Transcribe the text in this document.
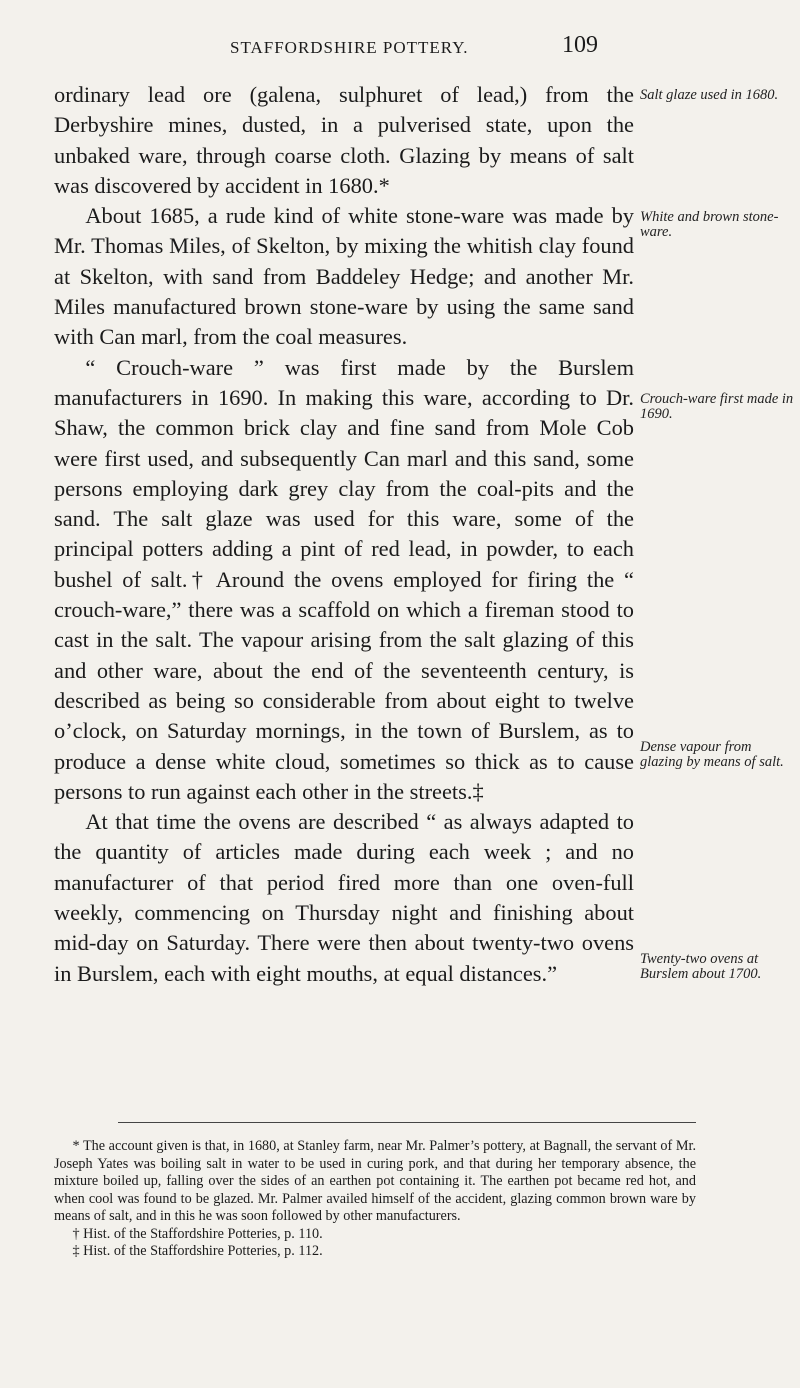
STAFFORDSHIRE POTTERY.	109

ordinary lead ore (galena, sulphuret of lead,) from the Derbyshire mines, dusted, in a pulverised state, upon the unbaked ware, through coarse cloth. Glazing by means of salt was discovered by accident in 1680.*

About 1685, a rude kind of white stone-ware was made by Mr. Thomas Miles, of Skelton, by mixing the whitish clay found at Skelton, with sand from Baddeley Hedge; and another Mr. Miles manufactured brown stone-ware by using the same sand with Can marl, from the coal measures.

“ Crouch-ware ” was first made by the Burslem manufacturers in 1690. In making this ware, according to Dr. Shaw, the common brick clay and fine sand from Mole Cob were first used, and subsequently Can marl and this sand, some persons employing dark grey clay from the coal-pits and the sand. The salt glaze was used for this ware, some of the principal potters adding a pint of red lead, in powder, to each bushel of salt.† Around the ovens employed for firing the “ crouch-ware,” there was a scaffold on which a fireman stood to cast in the salt. The vapour arising from the salt glazing of this and other ware, about the end of the seventeenth century, is described as being so considerable from about eight to twelve o’clock, on Saturday mornings, in the town of Burslem, as to produce a dense white cloud, sometimes so thick as to cause persons to run against each other in the streets.‡

At that time the ovens are described “ as always adapted to the quantity of articles made during each week ; and no manufacturer of that period fired more than one oven-full weekly, commencing on Thursday night and finishing about mid-day on Saturday. There were then about twenty-two ovens in Burslem, each with eight mouths, at equal distances.”

Salt glaze used in 1680.
White and brown stone-ware.
Crouch-ware first made in 1690.
Dense vapour from glazing by means of salt.
Twenty-two ovens at Burslem about 1700.

* The account given is that, in 1680, at Stanley farm, near Mr. Palmer’s pottery, at Bagnall, the servant of Mr. Joseph Yates was boiling salt in water to be used in curing pork, and that during her temporary absence, the mixture boiled up, falling over the sides of an earthen pot containing it. The earthen pot became red hot, and when cool was found to be glazed. Mr. Palmer availed himself of the accident, glazing common brown ware by means of salt, and in this he was soon followed by other manufacturers.

† Hist. of the Staffordshire Potteries, p. 110.

‡ Hist. of the Staffordshire Potteries, p. 112.
